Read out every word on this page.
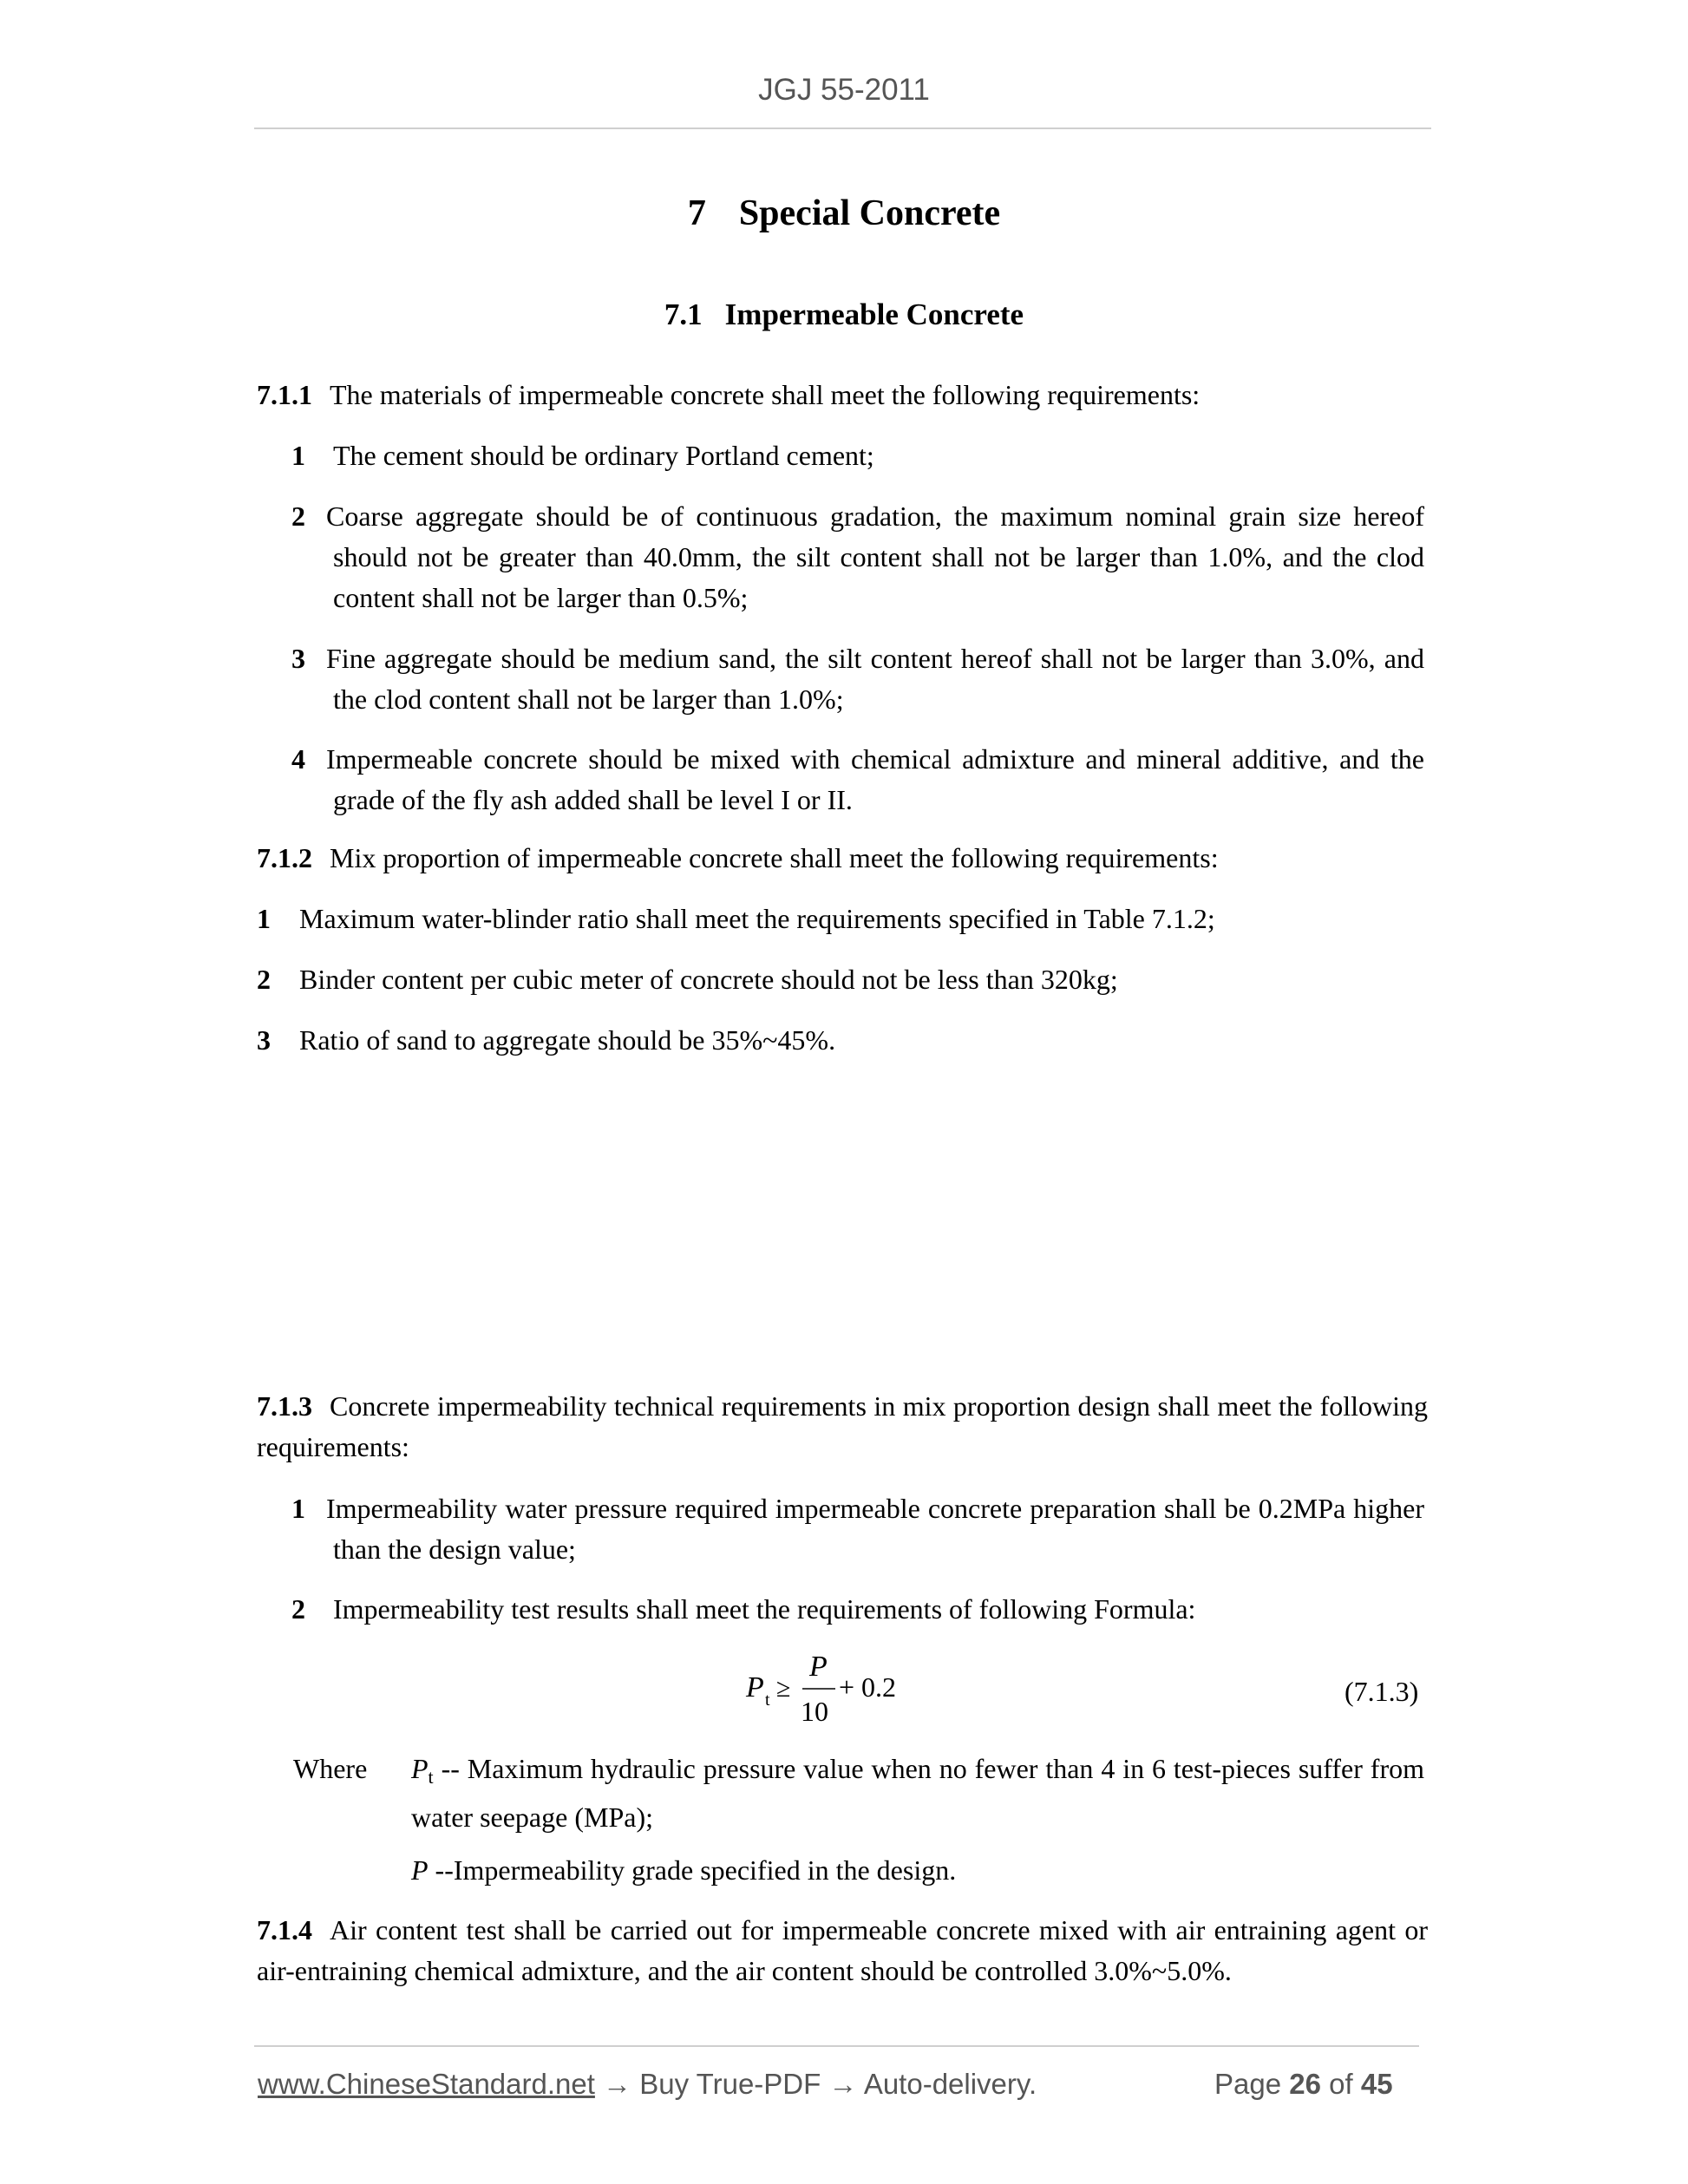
JGJ 55-2011
7 Special Concrete
7.1 Impermeable Concrete
7.1.1 The materials of impermeable concrete shall meet the following requirements:
1 The cement should be ordinary Portland cement;
2 Coarse aggregate should be of continuous gradation, the maximum nominal grain size hereof should not be greater than 40.0mm, the silt content shall not be larger than 1.0%, and the clod content shall not be larger than 0.5%;
3 Fine aggregate should be medium sand, the silt content hereof shall not be larger than 3.0%, and the clod content shall not be larger than 1.0%;
4 Impermeable concrete should be mixed with chemical admixture and mineral additive, and the grade of the fly ash added shall be level I or II.
7.1.2 Mix proportion of impermeable concrete shall meet the following requirements:
1 Maximum water-blinder ratio shall meet the requirements specified in Table 7.1.2;
2 Binder content per cubic meter of concrete should not be less than 320kg;
3 Ratio of sand to aggregate should be 35%~45%.
7.1.3 Concrete impermeability technical requirements in mix proportion design shall meet the following requirements:
1 Impermeability water pressure required impermeable concrete preparation shall be 0.2MPa higher than the design value;
2 Impermeability test results shall meet the requirements of following Formula:
P t ≥
P
10
+ 0.2	(7.1.3)
Where $P_t$ -- Maximum hydraulic pressure value when no fewer than 4 in 6 test-pieces suffer from water seepage (MPa);
P --Impermeability grade specified in the design.
7.1.4 Air content test shall be carried out for impermeable concrete mixed with air entraining agent or air-entraining chemical admixture, and the air content should be controlled 3.0%~5.0%.
www.ChineseStandard.net → Buy True-PDF → Auto-delivery.	Page 26 of 45
